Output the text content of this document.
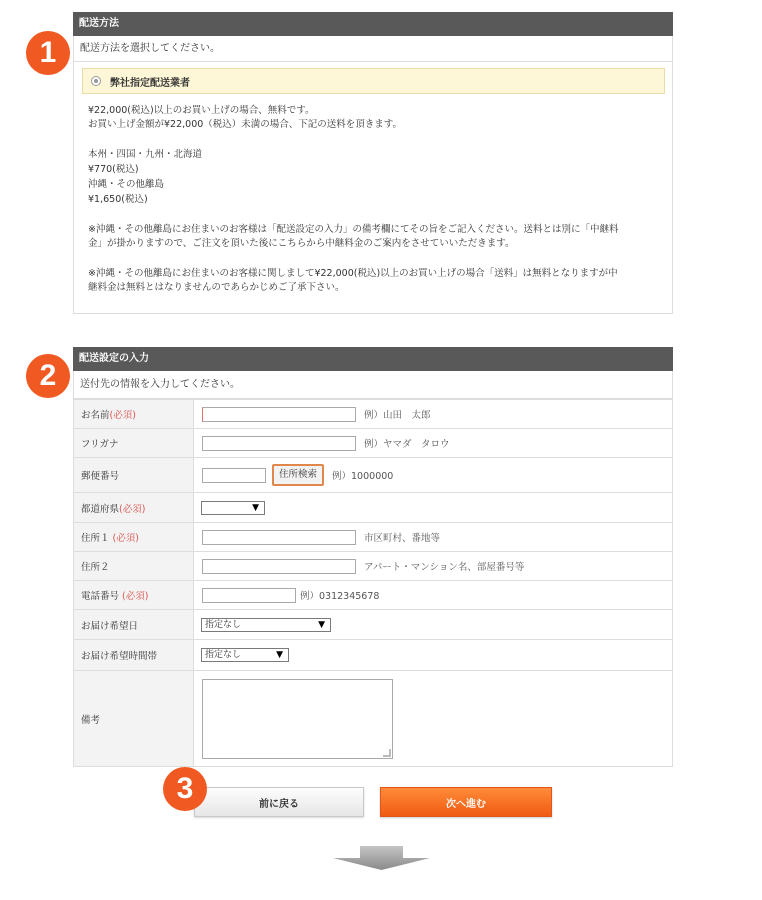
1
2
3
配送方法
配送方法を選択してください。
弊社指定配送業者
¥22,000(税込)以上のお買い上げの場合、無料です。
お買い上げ金額が¥22,000（税込）未満の場合、下記の送料を頂きます。
本州・四国・九州・北海道
¥770(税込)
沖縄・その他離島
¥1,650(税込)
※沖縄・その他離島にお住まいのお客様は「配送設定の入力」の備考欄にてその旨をご記入ください。送料とは別に「中継料
金」が掛かりますので、ご注文を頂いた後にこちらから中継料金のご案内をさせていいただきます。
※沖縄・その他離島にお住まいのお客様に関しまして¥22,000(税込)以上のお買い上げの場合「送料」は無料となりますが中
継料金は無料とはなりませんのであらかじめご了承下さい。
配送設定の入力
送付先の情報を入力してください。
お名前(必須)	例）山田　太郎
フリガナ	例）ヤマダ　タロウ
郵便番号	住所検索 例）1000000
都道府県(必須)	▼

住所１ (必須)	市区町村、番地等
住所２	アパート・マンション名、部屋番号等
電話番号 (必須)	例）0312345678
お届け希望日	指定なし ▼

お届け希望時間帯	指定なし ▼

備考	
前に戻る	次へ進む
